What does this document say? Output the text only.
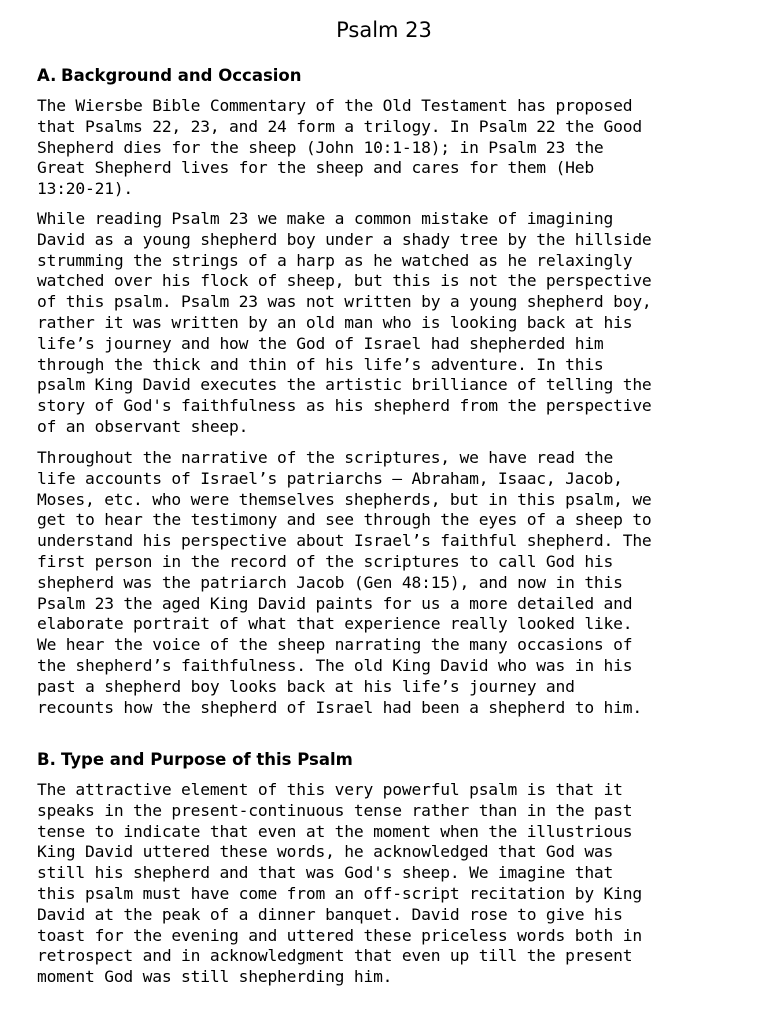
Psalm 23
A. Background and Occasion

The Wiersbe Bible Commentary of the Old Testament has proposed
that Psalms 22, 23, and 24 form a trilogy. In Psalm 22 the Good
Shepherd dies for the sheep (John 10:1-18); in Psalm 23 the
Great Shepherd lives for the sheep and cares for them (Heb
13:20-21).

While reading Psalm 23 we make a common mistake of imagining
David as a young shepherd boy under a shady tree by the hillside
strumming the strings of a harp as he watched as he relaxingly
watched over his flock of sheep, but this is not the perspective
of this psalm. Psalm 23 was not written by a young shepherd boy,
rather it was written by an old man who is looking back at his
life’s journey and how the God of Israel had shepherded him
through the thick and thin of his life’s adventure. In this
psalm King David executes the artistic brilliance of telling the
story of God's faithfulness as his shepherd from the perspective
of an observant sheep.

Throughout the narrative of the scriptures, we have read the
life accounts of Israel’s patriarchs – Abraham, Isaac, Jacob,
Moses, etc. who were themselves shepherds, but in this psalm, we
get to hear the testimony and see through the eyes of a sheep to
understand his perspective about Israel’s faithful shepherd. The
first person in the record of the scriptures to call God his
shepherd was the patriarch Jacob (Gen 48:15), and now in this
Psalm 23 the aged King David paints for us a more detailed and
elaborate portrait of what that experience really looked like.
We hear the voice of the sheep narrating the many occasions of
the shepherd’s faithfulness. The old King David who was in his
past a shepherd boy looks back at his life’s journey and
recounts how the shepherd of Israel had been a shepherd to him.

B. Type and Purpose of this Psalm

The attractive element of this very powerful psalm is that it
speaks in the present-continuous tense rather than in the past
tense to indicate that even at the moment when the illustrious
King David uttered these words, he acknowledged that God was
still his shepherd and that was God's sheep. We imagine that
this psalm must have come from an off-script recitation by King
David at the peak of a dinner banquet. David rose to give his
toast for the evening and uttered these priceless words both in
retrospect and in acknowledgment that even up till the present
moment God was still shepherding him.
